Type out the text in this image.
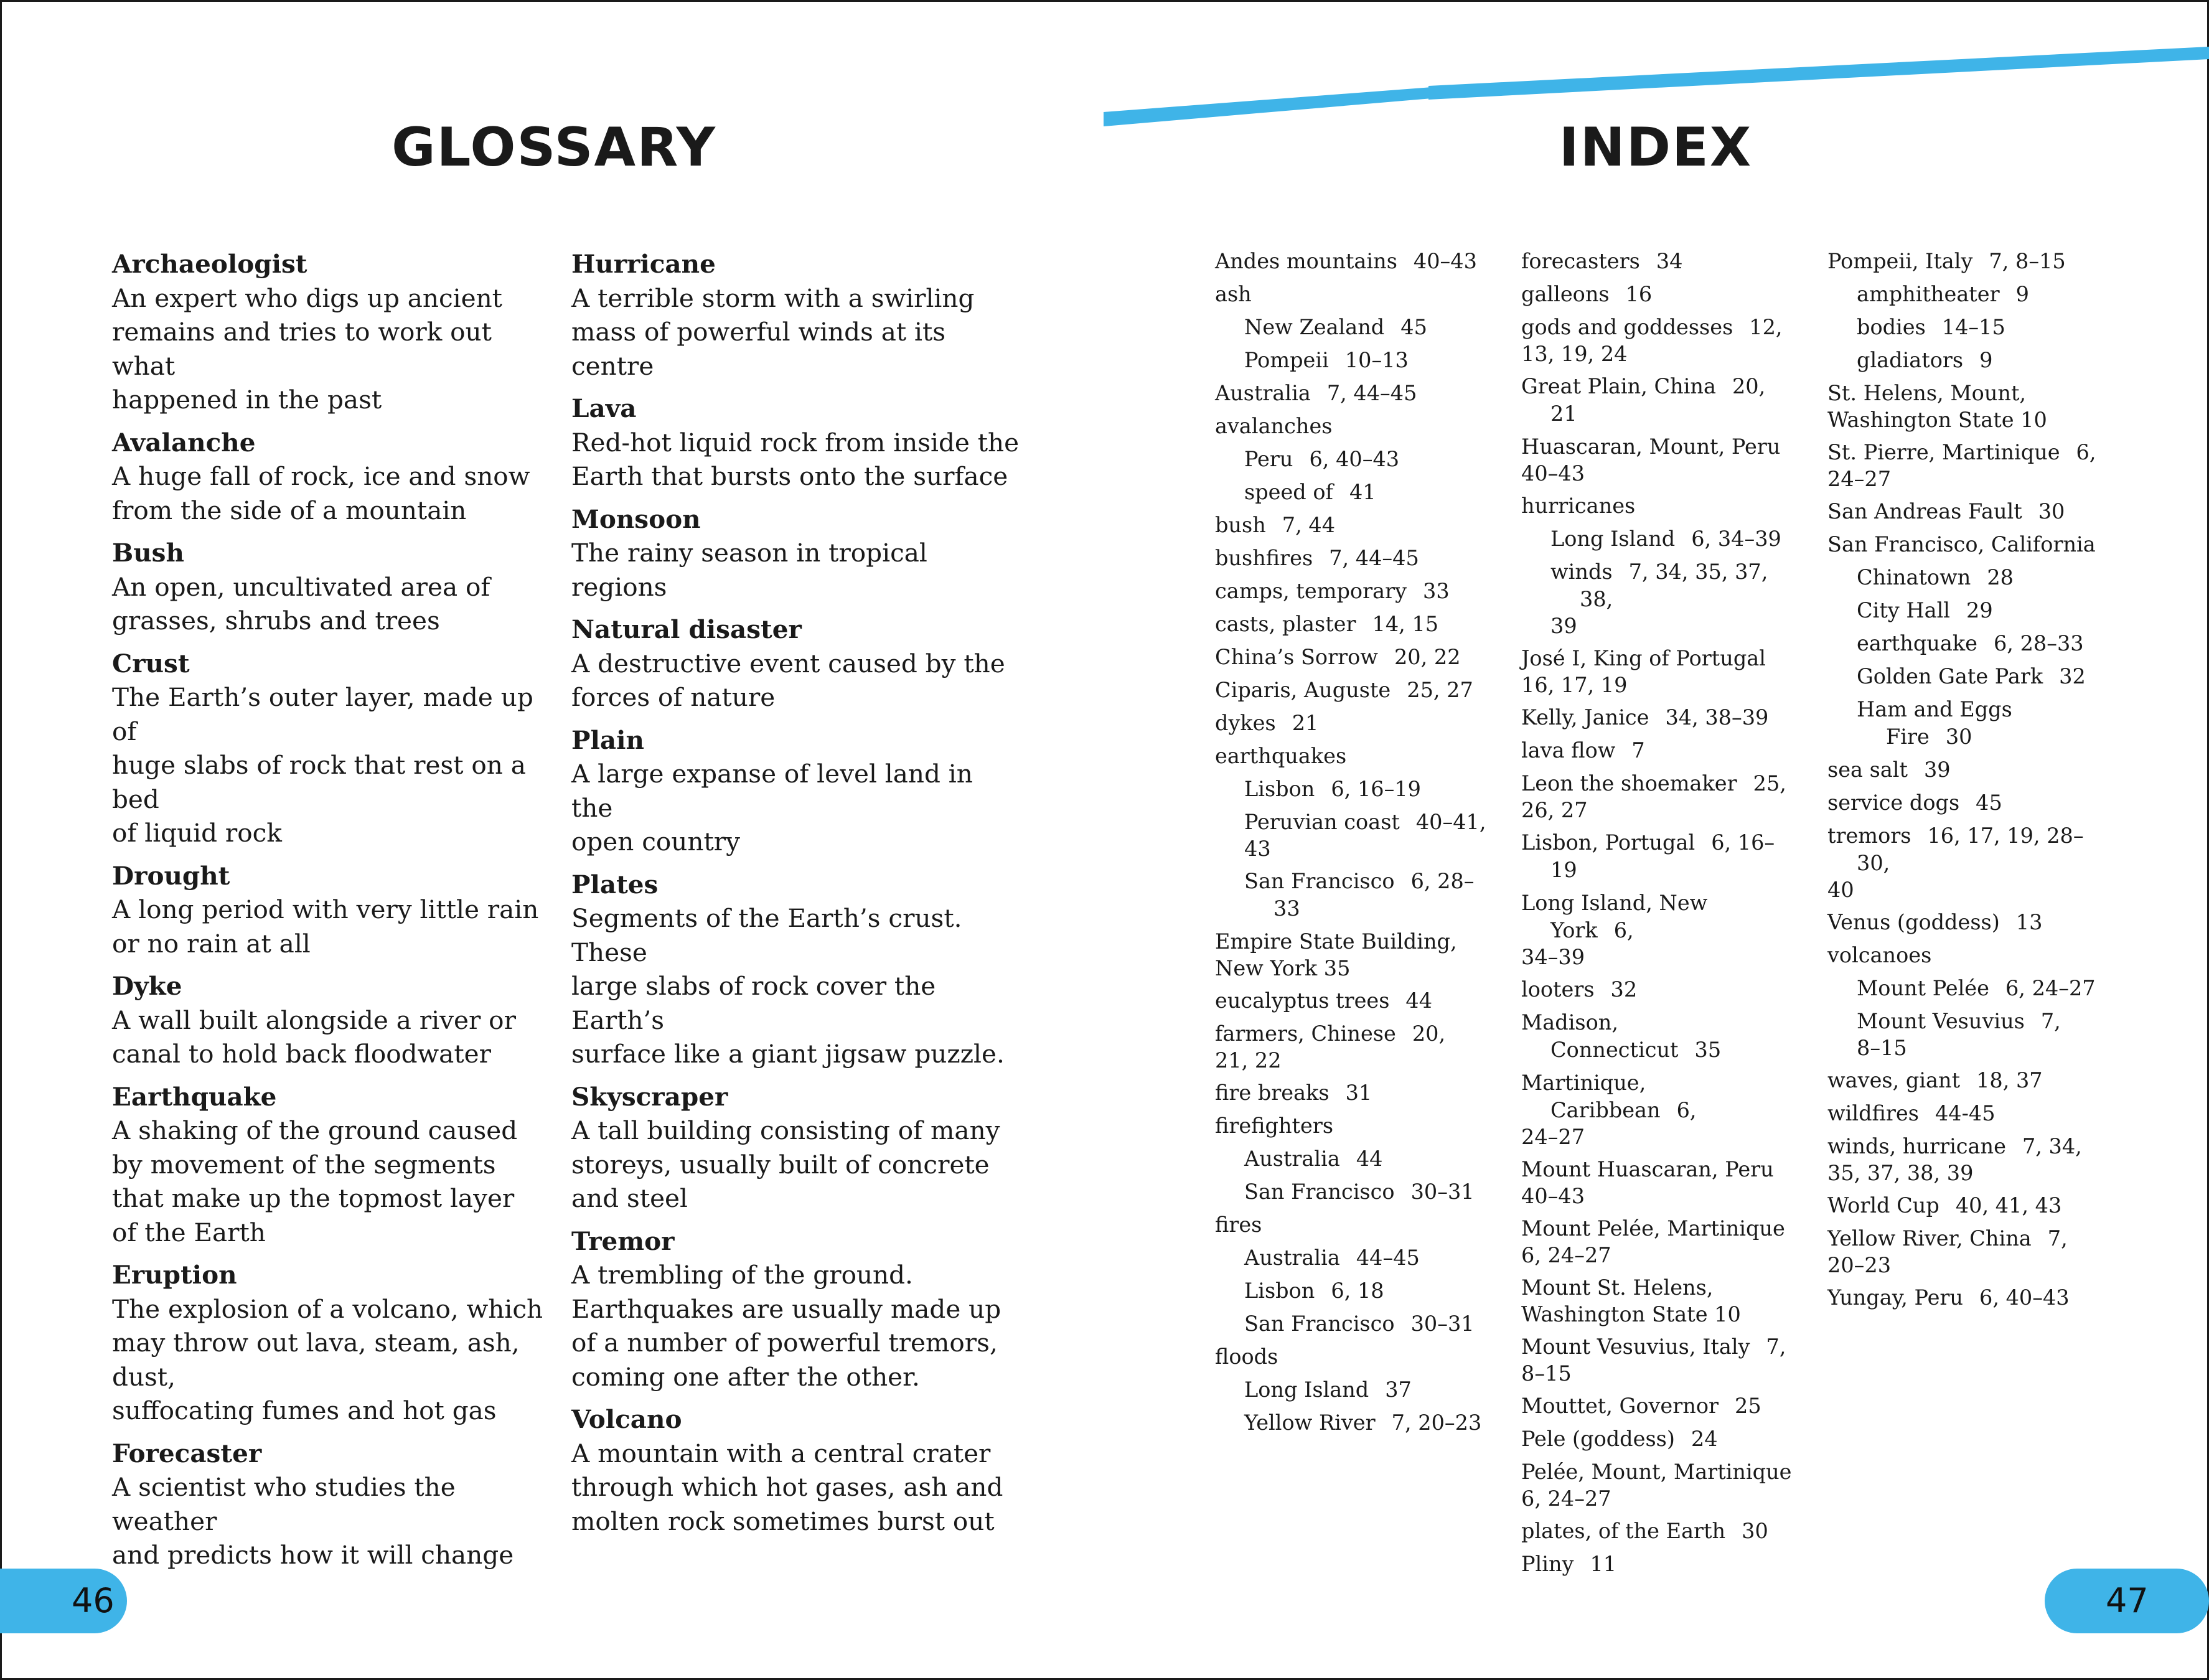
GLOSSARY	INDEX
Archaeologist
An expert who digs up ancient
remains and tries to work out what
happened in the past
Avalanche
A huge fall of rock, ice and snow
from the side of a mountain
Bush
An open, uncultivated area of
grasses, shrubs and trees
Crust
The Earth’s outer layer, made up of
huge slabs of rock that rest on a bed
of liquid rock
Drought
A long period with very little rain
or no rain at all
Dyke
A wall built alongside a river or
canal to hold back floodwater
Earthquake
A shaking of the ground caused
by movement of the segments
that make up the topmost layer
of the Earth
Eruption
The explosion of a volcano, which
may throw out lava, steam, ash, dust,
suffocating fumes and hot gas
Forecaster
A scientist who studies the weather
and predicts how it will change
Hurricane
A terrible storm with a swirling
mass of powerful winds at its centre
Lava
Red-hot liquid rock from inside the
Earth that bursts onto the surface
Monsoon
The rainy season in tropical regions
Natural disaster
A destructive event caused by the
forces of nature
Plain
A large expanse of level land in the
open country
Plates
Segments of the Earth’s crust. These
large slabs of rock cover the Earth’s
surface like a giant jigsaw puzzle.
Skyscraper
A tall building consisting of many
storeys, usually built of concrete
and steel
Tremor
A trembling of the ground.
Earthquakes are usually made up
of a number of powerful tremors,
coming one after the other.
Volcano
A mountain with a central crater
through which hot gases, ash and
molten rock sometimes burst out
Andes mountains 40–43
ash
New Zealand 45
Pompeii 10–13
Australia 7, 44–45
avalanches
Peru 6, 40–43
speed of 41
bush 7, 44
bushfires 7, 44–45
camps, temporary 33
casts, plaster 14, 15
China’s Sorrow 20, 22
Ciparis, Auguste 25, 27
dykes 21
earthquakes
Lisbon 6, 16–19
Peruvian coast 40–41,
43
San Francisco 6, 28–33
Empire State Building,
New York 35
eucalyptus trees 44
farmers, Chinese 20,
21, 22
fire breaks 31
firefighters
Australia 44
San Francisco 30–31
fires
Australia 44–45
Lisbon 6, 18
San Francisco 30–31
floods
Long Island 37
Yellow River 7, 20–23
forecasters 34
galleons 16
gods and goddesses 12,
13, 19, 24
Great Plain, China 20, 21
Huascaran, Mount, Peru
40–43
hurricanes
Long Island 6, 34–39
winds 7, 34, 35, 37, 38,
39
José I, King of Portugal
16, 17, 19
Kelly, Janice 34, 38–39
lava flow 7
Leon the shoemaker 25,
26, 27
Lisbon, Portugal 6, 16–19
Long Island, New York 6,
34–39
looters 32
Madison, Connecticut 35
Martinique, Caribbean 6,
24–27
Mount Huascaran, Peru
40–43
Mount Pelée, Martinique
6, 24–27
Mount St. Helens,
Washington State 10
Mount Vesuvius, Italy 7,
8–15
Mouttet, Governor 25
Pele (goddess) 24
Pelée, Mount, Martinique
6, 24–27
plates, of the Earth 30
Pliny 11
Pompeii, Italy 7, 8–15
amphitheater 9
bodies 14–15
gladiators 9
St. Helens, Mount,
Washington State 10
St. Pierre, Martinique 6,
24–27
San Andreas Fault 30
San Francisco, California
Chinatown 28
City Hall 29
earthquake 6, 28–33
Golden Gate Park 32
Ham and Eggs Fire 30
sea salt 39
service dogs 45
tremors 16, 17, 19, 28–30,
40
Venus (goddess) 13
volcanoes
Mount Pelée 6, 24–27
Mount Vesuvius 7,
8–15
waves, giant 18, 37
wildfires 44-45
winds, hurricane 7, 34,
35, 37, 38, 39
World Cup 40, 41, 43
Yellow River, China 7,
20–23
Yungay, Peru 6, 40–43
46	47
